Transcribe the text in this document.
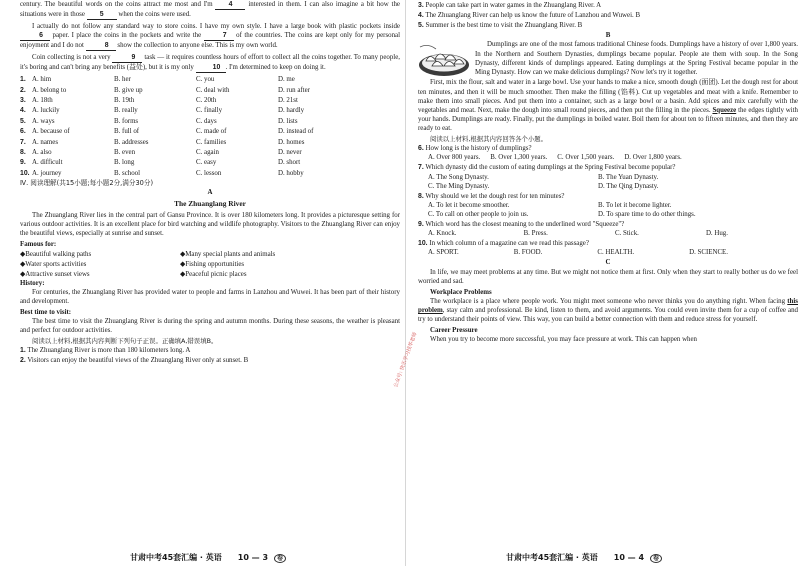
公众号: 快乐学习找华老师

century. The beautiful words on the coins attract me most and I'm 4 interested in them. I can also imagine a bit how the situations were in those 5 when the coins were used.

I actually do not follow any standard way to store coins. I have my own style. I have a large book with plastic pockets inside 6 paper. I place the coins in the pockets and write the	7 of the countries. The coins are kept only for my personal enjoyment and I do not	8 show the collection to anyone else. This is my own world.

Coin collecting is not a very	9 task — it requires countless hours of effort to collect all the coins together. To many people, it's boring and can't bring any benefits (益处), but it is my only	10 . I'm determined to keep on doing it.

1. A. him	B. her	C. you	D. me
2. A. belong to	B. give up	C. deal with	D. run after
3. A. 18th	B. 19th	C. 20th	D. 21st
4. A. luckily	B. really	C. finally	D. hardly
5. A. ways	B. forms	C. days	D. lists
6. A. because of	B. full of	C. made of	D. instead of
7. A. names	B. addresses	C. families	D. homes
8. A. also	B. even	C. again	D. never
9. A. difficult	B. long	C. easy	D. short
10. A. journey	B. school	C. lesson	D. hobby
Ⅳ. 阅读理解(共15小题;每小题2分,满分30分)
A
The Zhuanglang River

The Zhuanglang River lies in the central part of Gansu Province. It is over 180 kilometers long. It provides a picturesque setting for various outdoor activities. It is an excellent place for bird watching and wildlife photography. Visitors to the Zhuanglang River can enjoy the beautiful views, especially at sunrise and sunset.

Famous for:
◆Beautiful walking paths	◆Many special plants and animals
◆Water sports activities	◆Fishing opportunities
◆Attractive sunset views	◆Peaceful picnic places
History:

For centuries, the Zhuanglang River has provided water to people and farms in Lanzhou and Wuwei. It has been part of their history and development.

Best time to visit:

The best time to visit the Zhuanglang River is during the spring and autumn months. During these seasons, the weather is pleasant and perfect for outdoor activities.

阅读以上材料,根据其内容判断下列句子正误。正确填A,错误填B。
1. The Zhuanglang River is more than 180 kilometers long. A
2. Visitors can enjoy the beautiful views of the Zhuanglang River only at sunset. B
甘肃中考45套汇编 · 英语 10 — 3 卷
3. People can take part in water games in the Zhuanglang River. A
4. The Zhuanglang River can help us know the future of Lanzhou and Wuwei. B
5. Summer is the best time to visit the Zhuanglang River. B
B

Dumplings are one of the most famous traditional Chinese foods. Dumplings have a history of over 1,800 years. In the Northern and Southern Dynasties, dumplings became popular. People ate them with soup. In the Song Dynasty, different kinds of dumplings appeared. Eating dumplings at the Spring Festival became popular in the Ming Dynasty. How can we make delicious dumplings? Now let's try it together.

First, mix the flour, salt and water in a large bowl. Use your hands to make a nice, smooth dough (面团). Let the dough rest for about ten minutes, and then it will be much smoother. Then make the filling (馅料). Cut up vegetables and meat with a knife. Remember to make them into small pieces. And put them into a container, such as a large bowl or a basin. Add spices and mix carefully with the vegetables and meat. Next, make the dough into small round pieces, and then put the filling in the pieces. Squeeze the edges tightly with your hands. Dumplings are ready. Finally, put the dumplings in boiled water. Boil them for about ten to fifteen minutes, and then they are ready to eat.

阅读以上材料,根据其内容回答各个小题。
6. How long is the history of dumplings?
A. Over 800 years. B. Over 1,300 years. C. Over 1,500 years. D. Over 1,800 years.
7. Which dynasty did the custom of eating dumplings at the Spring Festival become popular?
A. The Song Dynasty.	B. The Yuan Dynasty.
C. The Ming Dynasty.	D. The Qing Dynasty.
8. Why should we let the dough rest for ten minutes?
A. To let it become smoother.	B. To let it become lighter.
C. To call on other people to join us.	D. To spare time to do other things.
9. Which word has the closest meaning to the underlined word "Squeeze"?
A. Knock.	B. Press.	C. Stick.	D. Hug.
10. In which column of a magazine can we read this passage?
A. SPORT.	B. FOOD.	C. HEALTH.	D. SCIENCE.
C

In life, we may meet problems at any time. But we might not notice them at first. Only when they start to really bother us do we feel worried and sad.

Workplace Problems

The workplace is a place where people work. You might meet someone who never thinks you do anything right. When facing this problem, stay calm and professional. Be kind, listen to them, and avoid arguments. You could even invite them for a cup of coffee and try to understand their points of view. This way, you can build a better connection with them and reduce stress for yourself.

Career Pressure

When you try to become more successful, you may face pressure at work. This can happen when

甘肃中考45套汇编 · 英语 10 — 4 卷
